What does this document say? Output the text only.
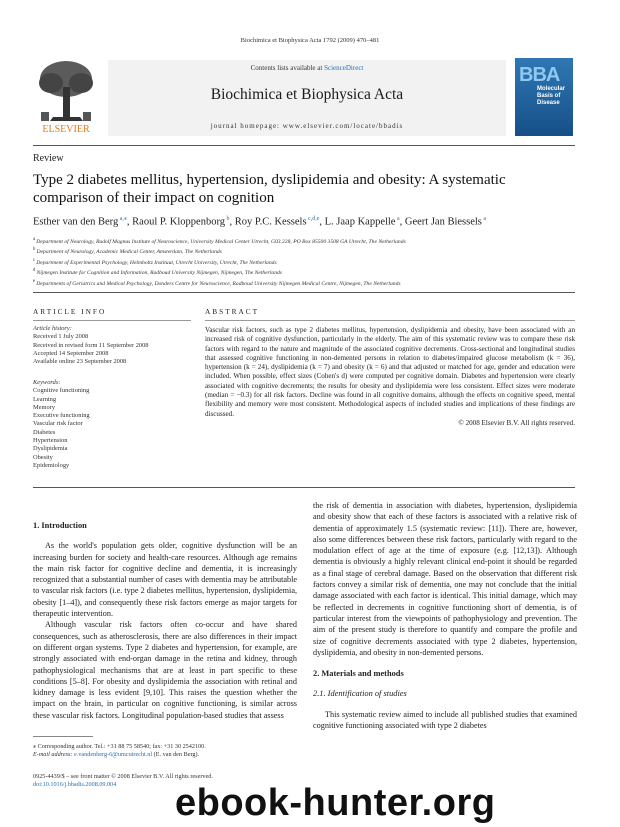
Biochimica et Biophysica Acta 1792 (2009) 470–481
ELSEVIER
Contents lists available at ScienceDirect
Biochimica et Biophysica Acta
journal homepage: www.elsevier.com/locate/bbadis
BBA
Molecular Basis of Disease
Review
Type 2 diabetes mellitus, hypertension, dyslipidemia and obesity: A systematic comparison of their impact on cognition
Esther van den Berg $^{a,⁎}$, Raoul P. Kloppenborg $^b$, Roy P.C. Kessels $^{c,d,e}$, L. Jaap Kappelle $^a$, Geert Jan Biessels $^a$
$^a$ Department of Neurology, Rudolf Magnus Institute of Neuroscience, University Medical Center Utrecht, G03.228, PO Box 85500 3508 GA Utrecht, The Netherlands
$^b$ Department of Neurology, Academic Medical Center, Amsterdam, The Netherlands
$^c$ Department of Experimental Psychology, Helmholtz Instituut, Utrecht University, Utrecht, The Netherlands
$^d$ Nijmegen Institute for Cognition and Information, Radboud University Nijmegen, Nijmegen, The Netherlands
$^e$ Departments of Geriatrics and Medical Psychology, Donders Centre for Neuroscience, Radboud University Nijmegen Medical Centre, Nijmegen, The Netherlands
ARTICLE INFO	ABSTRACT
Article history:
Received 1 July 2008
Received in revised form 11 September 2008
Accepted 14 September 2008
Available online 23 September 2008
Keywords:
Cognitive functioning
Learning
Memory
Executive functioning
Vascular risk factor
Diabetes
Hypertension
Dyslipidemia
Obesity
Epidemiology
Vascular risk factors, such as type 2 diabetes mellitus, hypertension, dyslipidemia and obesity, have been associated with an increased risk of cognitive dysfunction, particularly in the elderly. The aim of this systematic review was to compare these risk factors with regard to the nature and magnitude of the associated cognitive decrements. Cross-sectional and longitudinal studies that assessed cognitive functioning in non-demented persons in relation to diabetes/impaired glucose metabolism (k = 36), hypertension (k = 24), dyslipidemia (k = 7) and obesity (k = 6) and that adjusted or matched for age, gender and education were included. When possible, effect sizes (Cohen's d) were computed per cognitive domain. Diabetes and hypertension were clearly associated with cognitive decrements; the results for obesity and dyslipidemia were less consistent. Effect sizes were moderate (median = −0.3) for all risk factors. Decline was found in all cognitive domains, although the effects on cognitive speed, mental flexibility and memory were most consistent. Methodological aspects of included studies and implications of these findings are discussed.
© 2008 Elsevier B.V. All rights reserved.
1. Introduction

As the world's population gets older, cognitive dysfunction will be an increasing burden for society and health-care resources. Although age remains the main risk factor for cognitive decline and dementia, it is increasingly recognized that a substantial number of cases with dementia may be attributable to vascular risk factors (i.e. type 2 diabetes mellitus, hypertension, dyslipidemia, obesity [1–4]), and consequently these risk factors emerge as major targets for therapeutic intervention.

Although vascular risk factors often co-occur and have shared consequences, such as atherosclerosis, there are also differences in their impact on different organ systems. Type 2 diabetes and hypertension, for example, are strongly associated with end-organ damage in the retina and kidney, through pathophysiological mechanisms that are at least in part specific to these conditions [5–8]. For obesity and dyslipidemia the association with retinal and kidney damage is less evident [9,10]. This raises the question whether the impact on the brain, in particular on cognitive functioning, is similar across these vascular risk factors. Longitudinal population-based studies that assess

the risk of dementia in association with diabetes, hypertension, dyslipidemia and obesity show that each of these factors is associated with a relative risk of dementia of approximately 1.5 (systematic review: [11]). There are, however, also some differences between these risk factors, particularly with regard to the modulation effect of age at the time of exposure (e.g. [12,13]). Although dementia is obviously a highly relevant clinical end-point it should be regarded as a final stage of cerebral damage. Based on the observation that different risk factors convey a similar risk of dementia, one may not conclude that the initial damage associated with each factor is identical. This initial damage, which may be reflected in decrements in cognitive functioning short of dementia, is of particular interest from the viewpoints of pathophysiology and prevention. The aim of the present study is therefore to quantify and compare the profile and size of cognitive decrements associated with type 2 diabetes, hypertension, dyslipidemia, and obesity in non-demented persons.

2. Materials and methods
2.1. Identification of studies

This systematic review aimed to include all published studies that examined cognitive functioning associated with type 2 diabetes

⁎ Corresponding author. Tel.: +31 88 75 58540; fax: +31 30 2542100.
E-mail address: e.vandenberg-6@umcutrecht.nl (E. van den Berg).
0925-4439/$ – see front matter © 2008 Elsevier B.V. All rights reserved.
doi:10.1016/j.bbadis.2008.09.004	ebook-hunter.org
